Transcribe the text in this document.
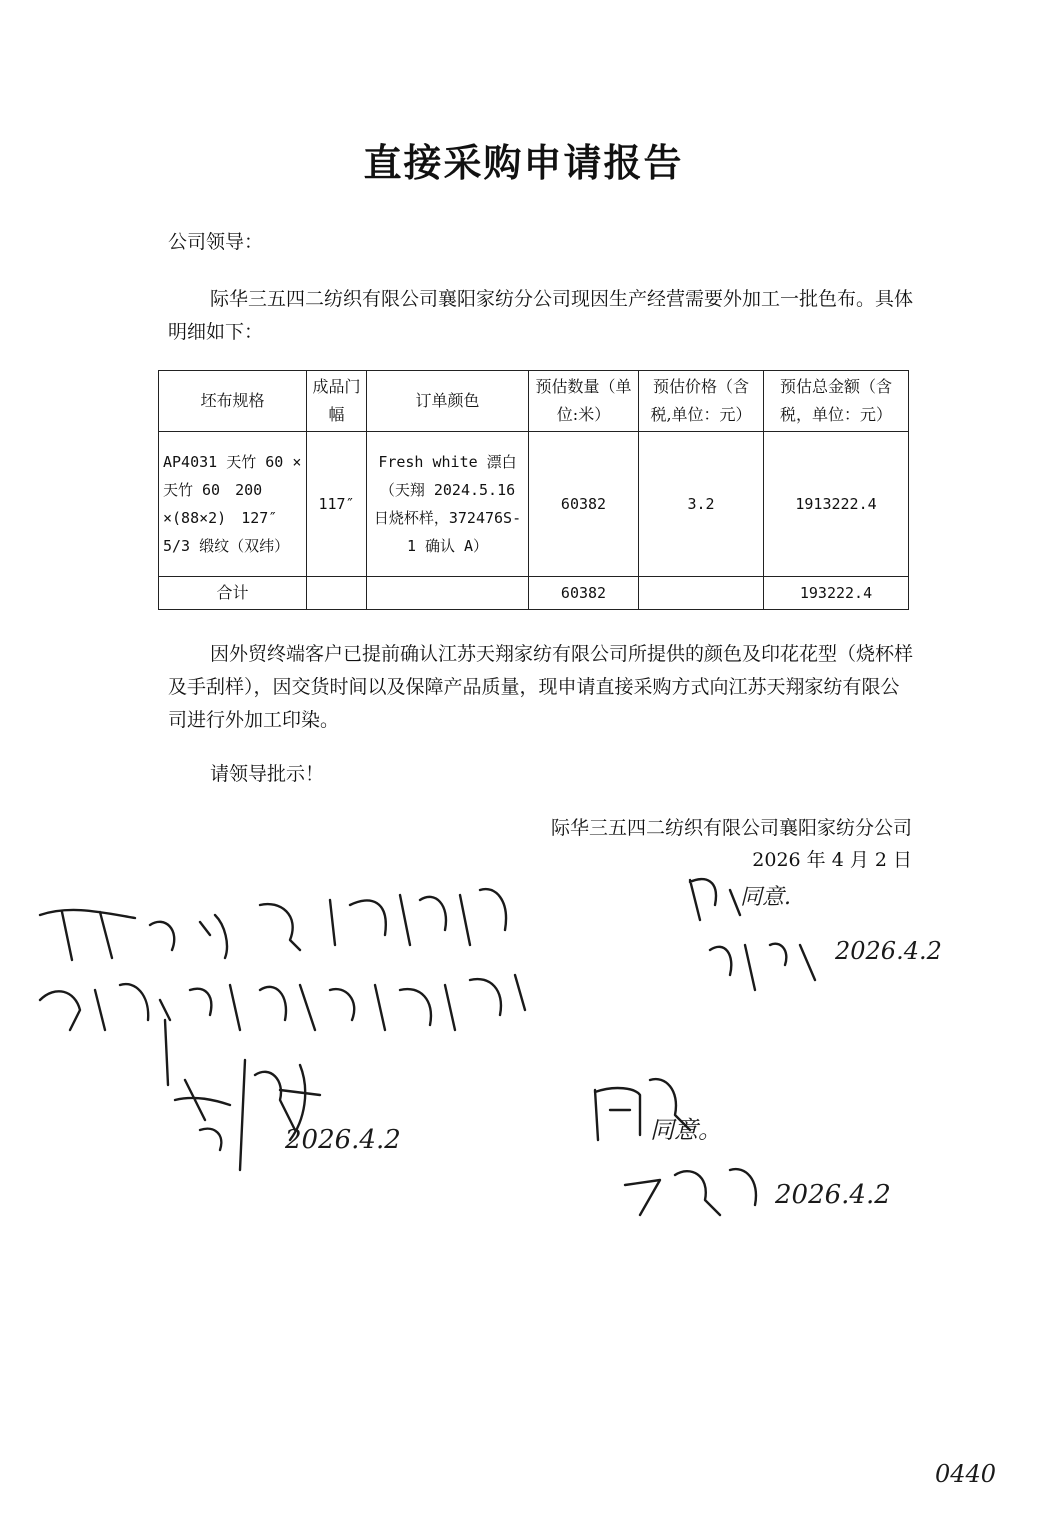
直接采购申请报告

公司领导：

际华三五四二纺织有限公司襄阳家纺分公司现因生产经营需要外加工一批色布。具体明细如下：

坯布规格	成品门幅	订单颜色	预估数量（单位:米）	预估价格（含税,单位：元）	预估总金额（含税，单位：元）
AP4031 天竹 60 ×天竹 60　200 ×(88×2)　127″　5/3 缎纹（双纬）	117″	Fresh white 漂白（天翔 2024.5.16 日烧杯样，372476S-1 确认 A）	60382	3.2	1913222.4
合计			60382		193222.4

因外贸终端客户已提前确认江苏天翔家纺有限公司所提供的颜色及印花花型（烧杯样及手刮样），因交货时间以及保障产品质量，现申请直接采购方式向江苏天翔家纺有限公司进行外加工印染。

请领导批示！

际华三五四二纺织有限公司襄阳家纺分公司
2026 年 4 月 2 日
2026.4.2
同意.
2026.4.2
同意。
2026.4.2
0440
